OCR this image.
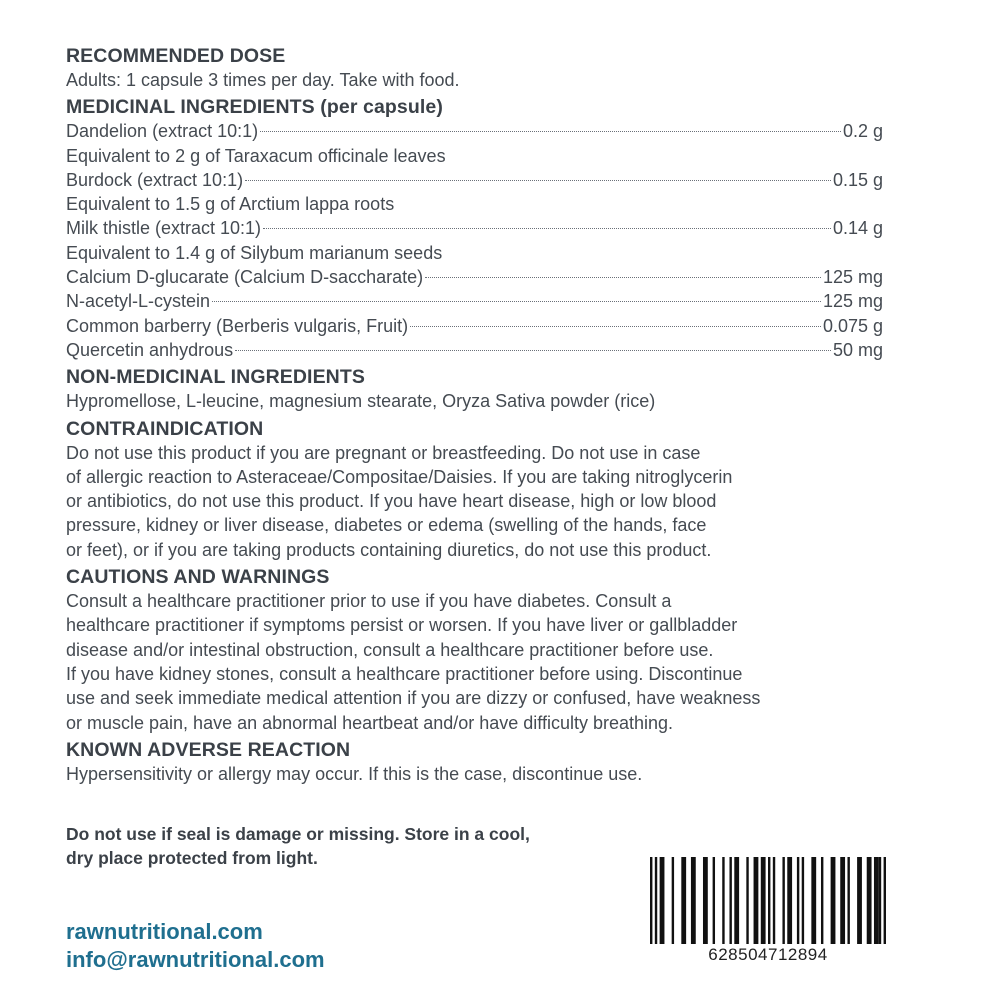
RECOMMENDED DOSE
Adults: 1 capsule 3 times per day. Take with food.
MEDICINAL INGREDIENTS (per capsule)
Dandelion (extract 10:1)	0.2 g
Equivalent to 2 g of Taraxacum officinale leaves
Burdock (extract 10:1)	0.15 g
Equivalent to 1.5 g of Arctium lappa roots
Milk thistle (extract 10:1)	0.14 g
Equivalent to 1.4 g of Silybum marianum seeds
Calcium D-glucarate (Calcium D-saccharate)	125 mg
N-acetyl-L-cystein	125 mg
Common barberry (Berberis vulgaris, Fruit)	0.075 g
Quercetin anhydrous	50 mg
NON-MEDICINAL INGREDIENTS
Hypromellose, L-leucine, magnesium stearate, Oryza Sativa powder (rice)
CONTRAINDICATION
Do not use this product if you are pregnant or breastfeeding. Do not use in case
of allergic reaction to Asteraceae/Compositae/Daisies. If you are taking nitroglycerin
or antibiotics, do not use this product. If you have heart disease, high or low blood
pressure, kidney or liver disease, diabetes or edema (swelling of the hands, face
or feet), or if you are taking products containing diuretics, do not use this product.
CAUTIONS AND WARNINGS
Consult a healthcare practitioner prior to use if you have diabetes. Consult a
healthcare practitioner if symptoms persist or worsen. If you have liver or gallbladder
disease and/or intestinal obstruction, consult a healthcare practitioner before use.
If you have kidney stones, consult a healthcare practitioner before using. Discontinue
use and seek immediate medical attention if you are dizzy or confused, have weakness
or muscle pain, have an abnormal heartbeat and/or have difficulty breathing.
KNOWN ADVERSE REACTION
Hypersensitivity or allergy may occur. If this is the case, discontinue use.
Do not use if seal is damage or missing. Store in a cool,
dry place protected from light.
rawnutritional.com
info@rawnutritional.com	628504712894
